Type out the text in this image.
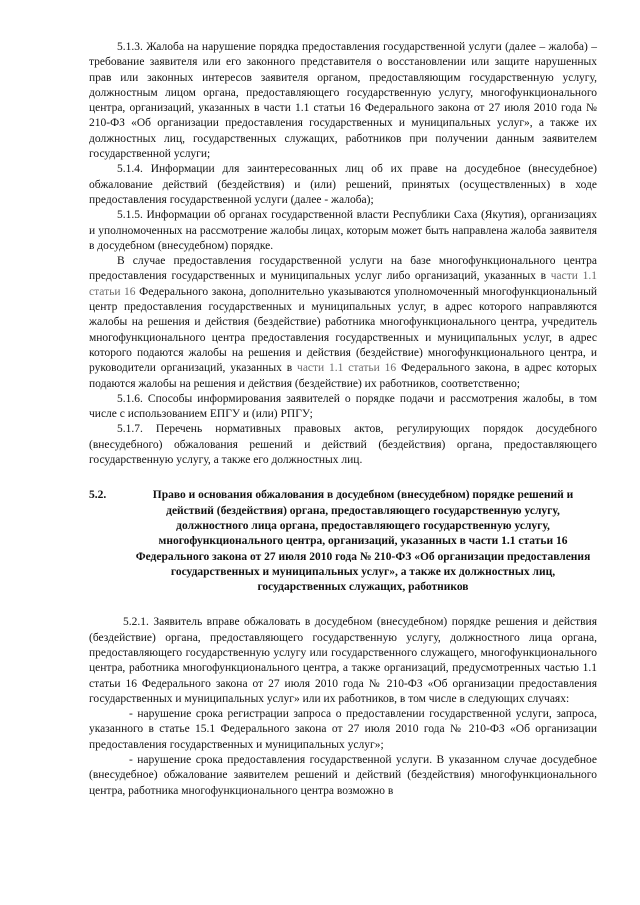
5.1.3. Жалоба на нарушение порядка предоставления государственной услуги (далее – жалоба) – требование заявителя или его законного представителя о восстановлении или защите нарушенных прав или законных интересов заявителя органом, предоставляющим государственную услугу, должностным лицом органа, предоставляющего государственную услугу, многофункционального центра, организаций, указанных в части 1.1 статьи 16 Федерального закона от 27 июля 2010 года № 210-ФЗ «Об организации предоставления государственных и муниципальных услуг», а также их должностных лиц, государственных служащих, работников при получении данным заявителем государственной услуги;

5.1.4. Информации для заинтересованных лиц об их праве на досудебное (внесудебное) обжалование действий (бездействия) и (или) решений, принятых (осуществленных) в ходе предоставления государственной услуги (далее - жалоба);

5.1.5. Информации об органах государственной власти Республики Саха (Якутия), организациях и уполномоченных на рассмотрение жалобы лицах, которым может быть направлена жалоба заявителя в досудебном (внесудебном) порядке.

В случае предоставления государственной услуги на базе многофункционального центра предоставления государственных и муниципальных услуг либо организаций, указанных в части 1.1 статьи 16 Федерального закона, дополнительно указываются уполномоченный многофункциональный центр предоставления государственных и муниципальных услуг, в адрес которого направляются жалобы на решения и действия (бездействие) работника многофункционального центра, учредитель многофункционального центра предоставления государственных и муниципальных услуг, в адрес которого подаются жалобы на решения и действия (бездействие) многофункционального центра, и руководители организаций, указанных в части 1.1 статьи 16 Федерального закона, в адрес которых подаются жалобы на решения и действия (бездействие) их работников, соответственно;

5.1.6. Способы информирования заявителей о порядке подачи и рассмотрения жалобы, в том числе с использованием ЕПГУ и (или) РПГУ;

5.1.7. Перечень нормативных правовых актов, регулирующих порядок досудебного (внесудебного) обжалования решений и действий (бездействия) органа, предоставляющего государственную услугу, а также его должностных лиц.

5.2.	Право и основания обжалования в досудебном (внесудебном) порядке решений и действий (бездействия) органа, предоставляющего государственную услугу, должностного лица органа, предоставляющего государственную услугу, многофункционального центра, организаций, указанных в части 1.1 статьи 16 Федерального закона от 27 июля 2010 года № 210-ФЗ «Об организации предоставления государственных и муниципальных услуг», а также их должностных лиц, государственных служащих, работников

5.2.1. Заявитель вправе обжаловать в досудебном (внесудебном) порядке решения и действия (бездействие) органа, предоставляющего государственную услугу, должностного лица органа, предоставляющего государственную услугу или государственного служащего, многофункционального центра, работника многофункционального центра, а также организаций, предусмотренных частью 1.1 статьи 16 Федерального закона от 27 июля 2010 года № 210-ФЗ «Об организации предоставления государственных и муниципальных услуг» или их работников, в том числе в следующих случаях:

- нарушение срока регистрации запроса о предоставлении государственной услуги, запроса, указанного в статье 15.1 Федерального закона от 27 июля 2010 года № 210-ФЗ «Об организации предоставления государственных и муниципальных услуг»;

- нарушение срока предоставления государственной услуги. В указанном случае досудебное (внесудебное) обжалование заявителем решений и действий (бездействия) многофункционального центра, работника многофункционального центра возможно в
